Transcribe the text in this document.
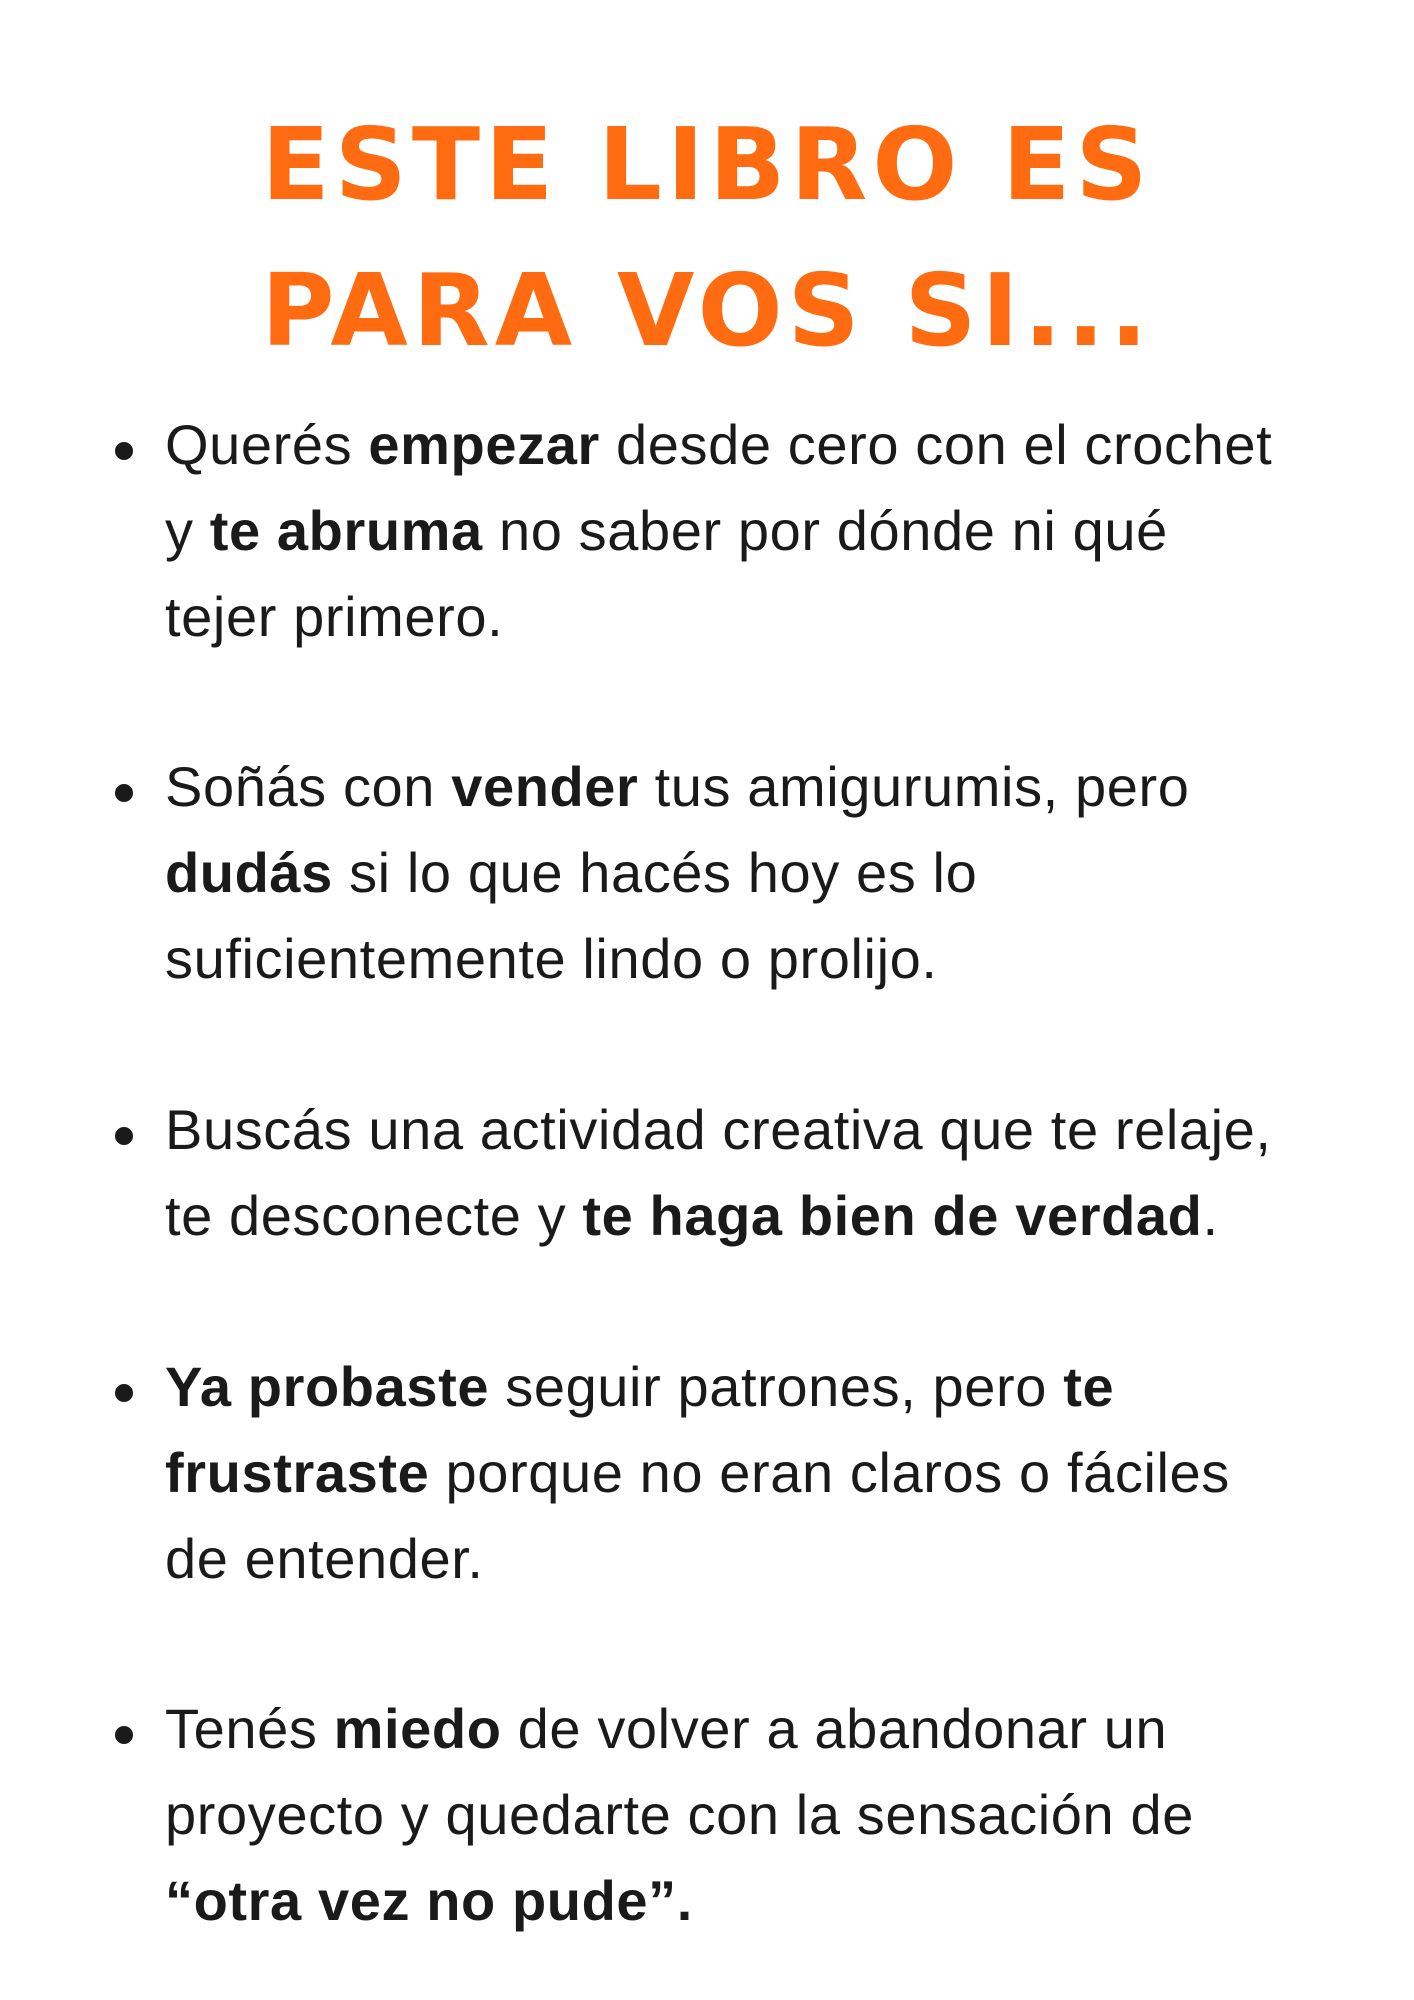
ESTE LIBRO ES
PARA VOS SI...

Querés empezar desde cero con el crochet
y te abruma no saber por dónde ni qué
tejer primero.

Soñás con vender tus amigurumis, pero
dudás si lo que hacés hoy es lo
suficientemente lindo o prolijo.

Buscás una actividad creativa que te relaje,
te desconecte y te haga bien de verdad.

Ya probaste seguir patrones, pero te
frustraste porque no eran claros o fáciles
de entender.

Tenés miedo de volver a abandonar un
proyecto y quedarte con la sensación de
“otra vez no pude”.
